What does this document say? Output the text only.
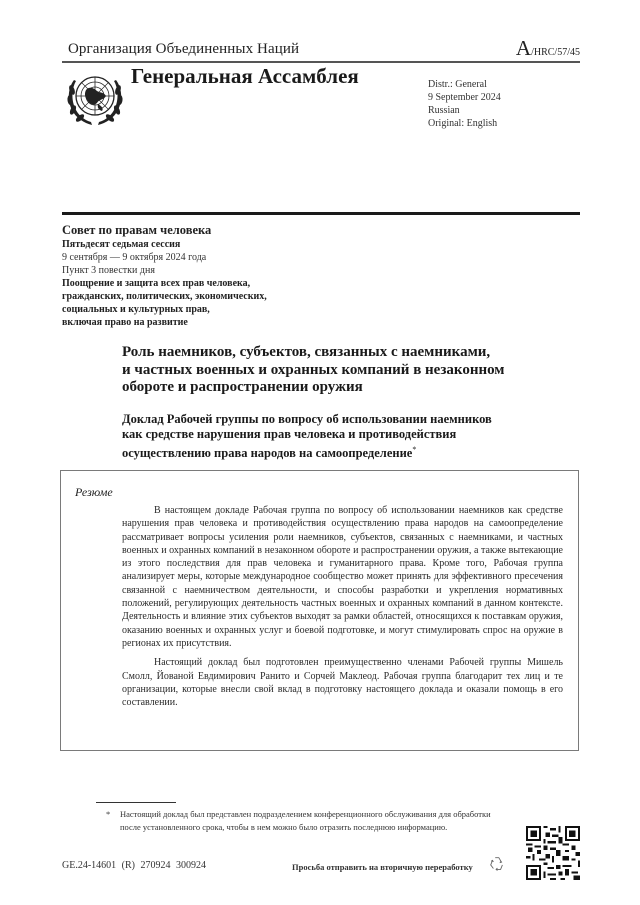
Организация Объединенных Наций	A/HRC/57/45
Генеральная Ассамблея	Distr.: General
9 September 2024
Russian
Original: English
Совет по правам человека
Пятьдесят седьмая сессия
9 сентября — 9 октября 2024 года
Пункт 3 повестки дня
Поощрение и защита всех прав человека,
гражданских, политических, экономических,
социальных и культурных прав,
включая право на развитие
Роль наемников, субъектов, связанных с наемниками,
и частных военных и охранных компаний в незаконном
обороте и распространении оружия
Доклад Рабочей группы по вопросу об использовании наемников
как средстве нарушения прав человека и противодействия
осуществлению права народов на самоопределение*
Резюме

В настоящем докладе Рабочая группа по вопросу об использовании наемников как средстве нарушения прав человека и противодействия осуществлению права народов на самоопределение рассматривает вопросы усиления роли наемников, субъектов, связанных с наемниками, и частных военных и охранных компаний в незаконном обороте и распространении оружия, а также вытекающие из этого последствия для прав человека и гуманитарного права. Кроме того, Рабочая группа анализирует меры, которые международное сообщество может принять для эффективного пресечения связанной с наемничеством деятельности, и способы разработки и укрепления нормативных положений, регулирующих деятельность частных военных и охранных компаний в данном контексте. Деятельность и влияние этих субъектов выходят за рамки областей, относящихся к поставкам оружия, оказанию военных и охранных услуг и боевой подготовке, и могут стимулировать спрос на оружие в регионах их присутствия.

Настоящий доклад был подготовлен преимущественно членами Рабочей группы Мишель Смолл, Йованой Евдимирович Ранито и Сорчей Маклеод. Рабочая группа благодарит тех лиц и те организации, которые внесли свой вклад в подготовку настоящего доклада и оказали помощь в его составлении.

*	Настоящий доклад был представлен подразделением конференционного обслуживания для обработки после установленного срока, чтобы в нем можно было отразить последнюю информацию.
GE.24-14601 (R) 270924 300924	Просьба отправить на вторичную переработку
